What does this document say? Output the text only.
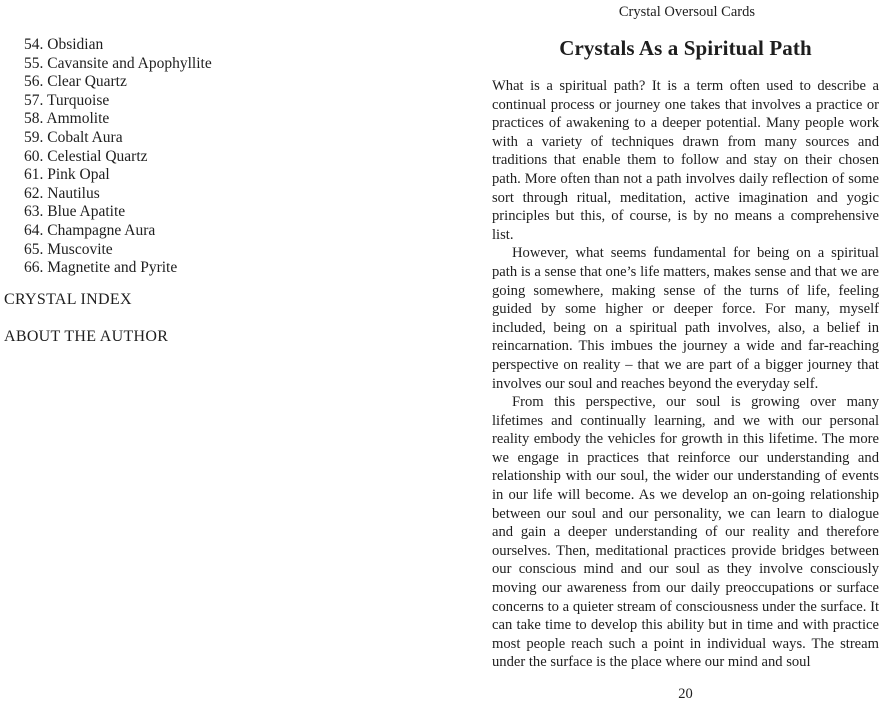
54. Obsidian
55. Cavansite and Apophyllite
56. Clear Quartz
57. Turquoise
58. Ammolite
59. Cobalt Aura
60. Celestial Quartz
61. Pink Opal
62. Nautilus
63. Blue Apatite
64. Champagne Aura
65. Muscovite
66. Magnetite and Pyrite
CRYSTAL INDEX
ABOUT THE AUTHOR
Crystal Oversoul Cards
Crystals As a Spiritual Path

What is a spiritual path? It is a term often used to describe a continual process or journey one takes that involves a practice or practices of awakening to a deeper potential. Many people work with a variety of techniques drawn from many sources and traditions that enable them to follow and stay on their chosen path. More often than not a path involves daily reflection of some sort through ritual, meditation, active imagination and yogic principles but this, of course, is by no means a comprehensive list.

However, what seems fundamental for being on a spiritual path is a sense that one’s life matters, makes sense and that we are going somewhere, making sense of the turns of life, feeling guided by some higher or deeper force. For many, myself included, being on a spiritual path involves, also, a belief in reincarnation. This imbues the journey a wide and far-reaching perspective on reality – that we are part of a bigger journey that involves our soul and reaches beyond the everyday self.

From this perspective, our soul is growing over many lifetimes and continually learning, and we with our personal reality embody the vehicles for growth in this lifetime. The more we engage in practices that reinforce our understanding and relationship with our soul, the wider our understanding of events in our life will become. As we develop an on-going relationship between our soul and our personality, we can learn to dialogue and gain a deeper understanding of our reality and therefore ourselves. Then, meditational practices provide bridges between our conscious mind and our soul as they involve consciously moving our awareness from our daily preoccupations or surface concerns to a quieter stream of consciousness under the surface. It can take time to develop this ability but in time and with practice most people reach such a point in individual ways. The stream under the surface is the place where our mind and soul

20
